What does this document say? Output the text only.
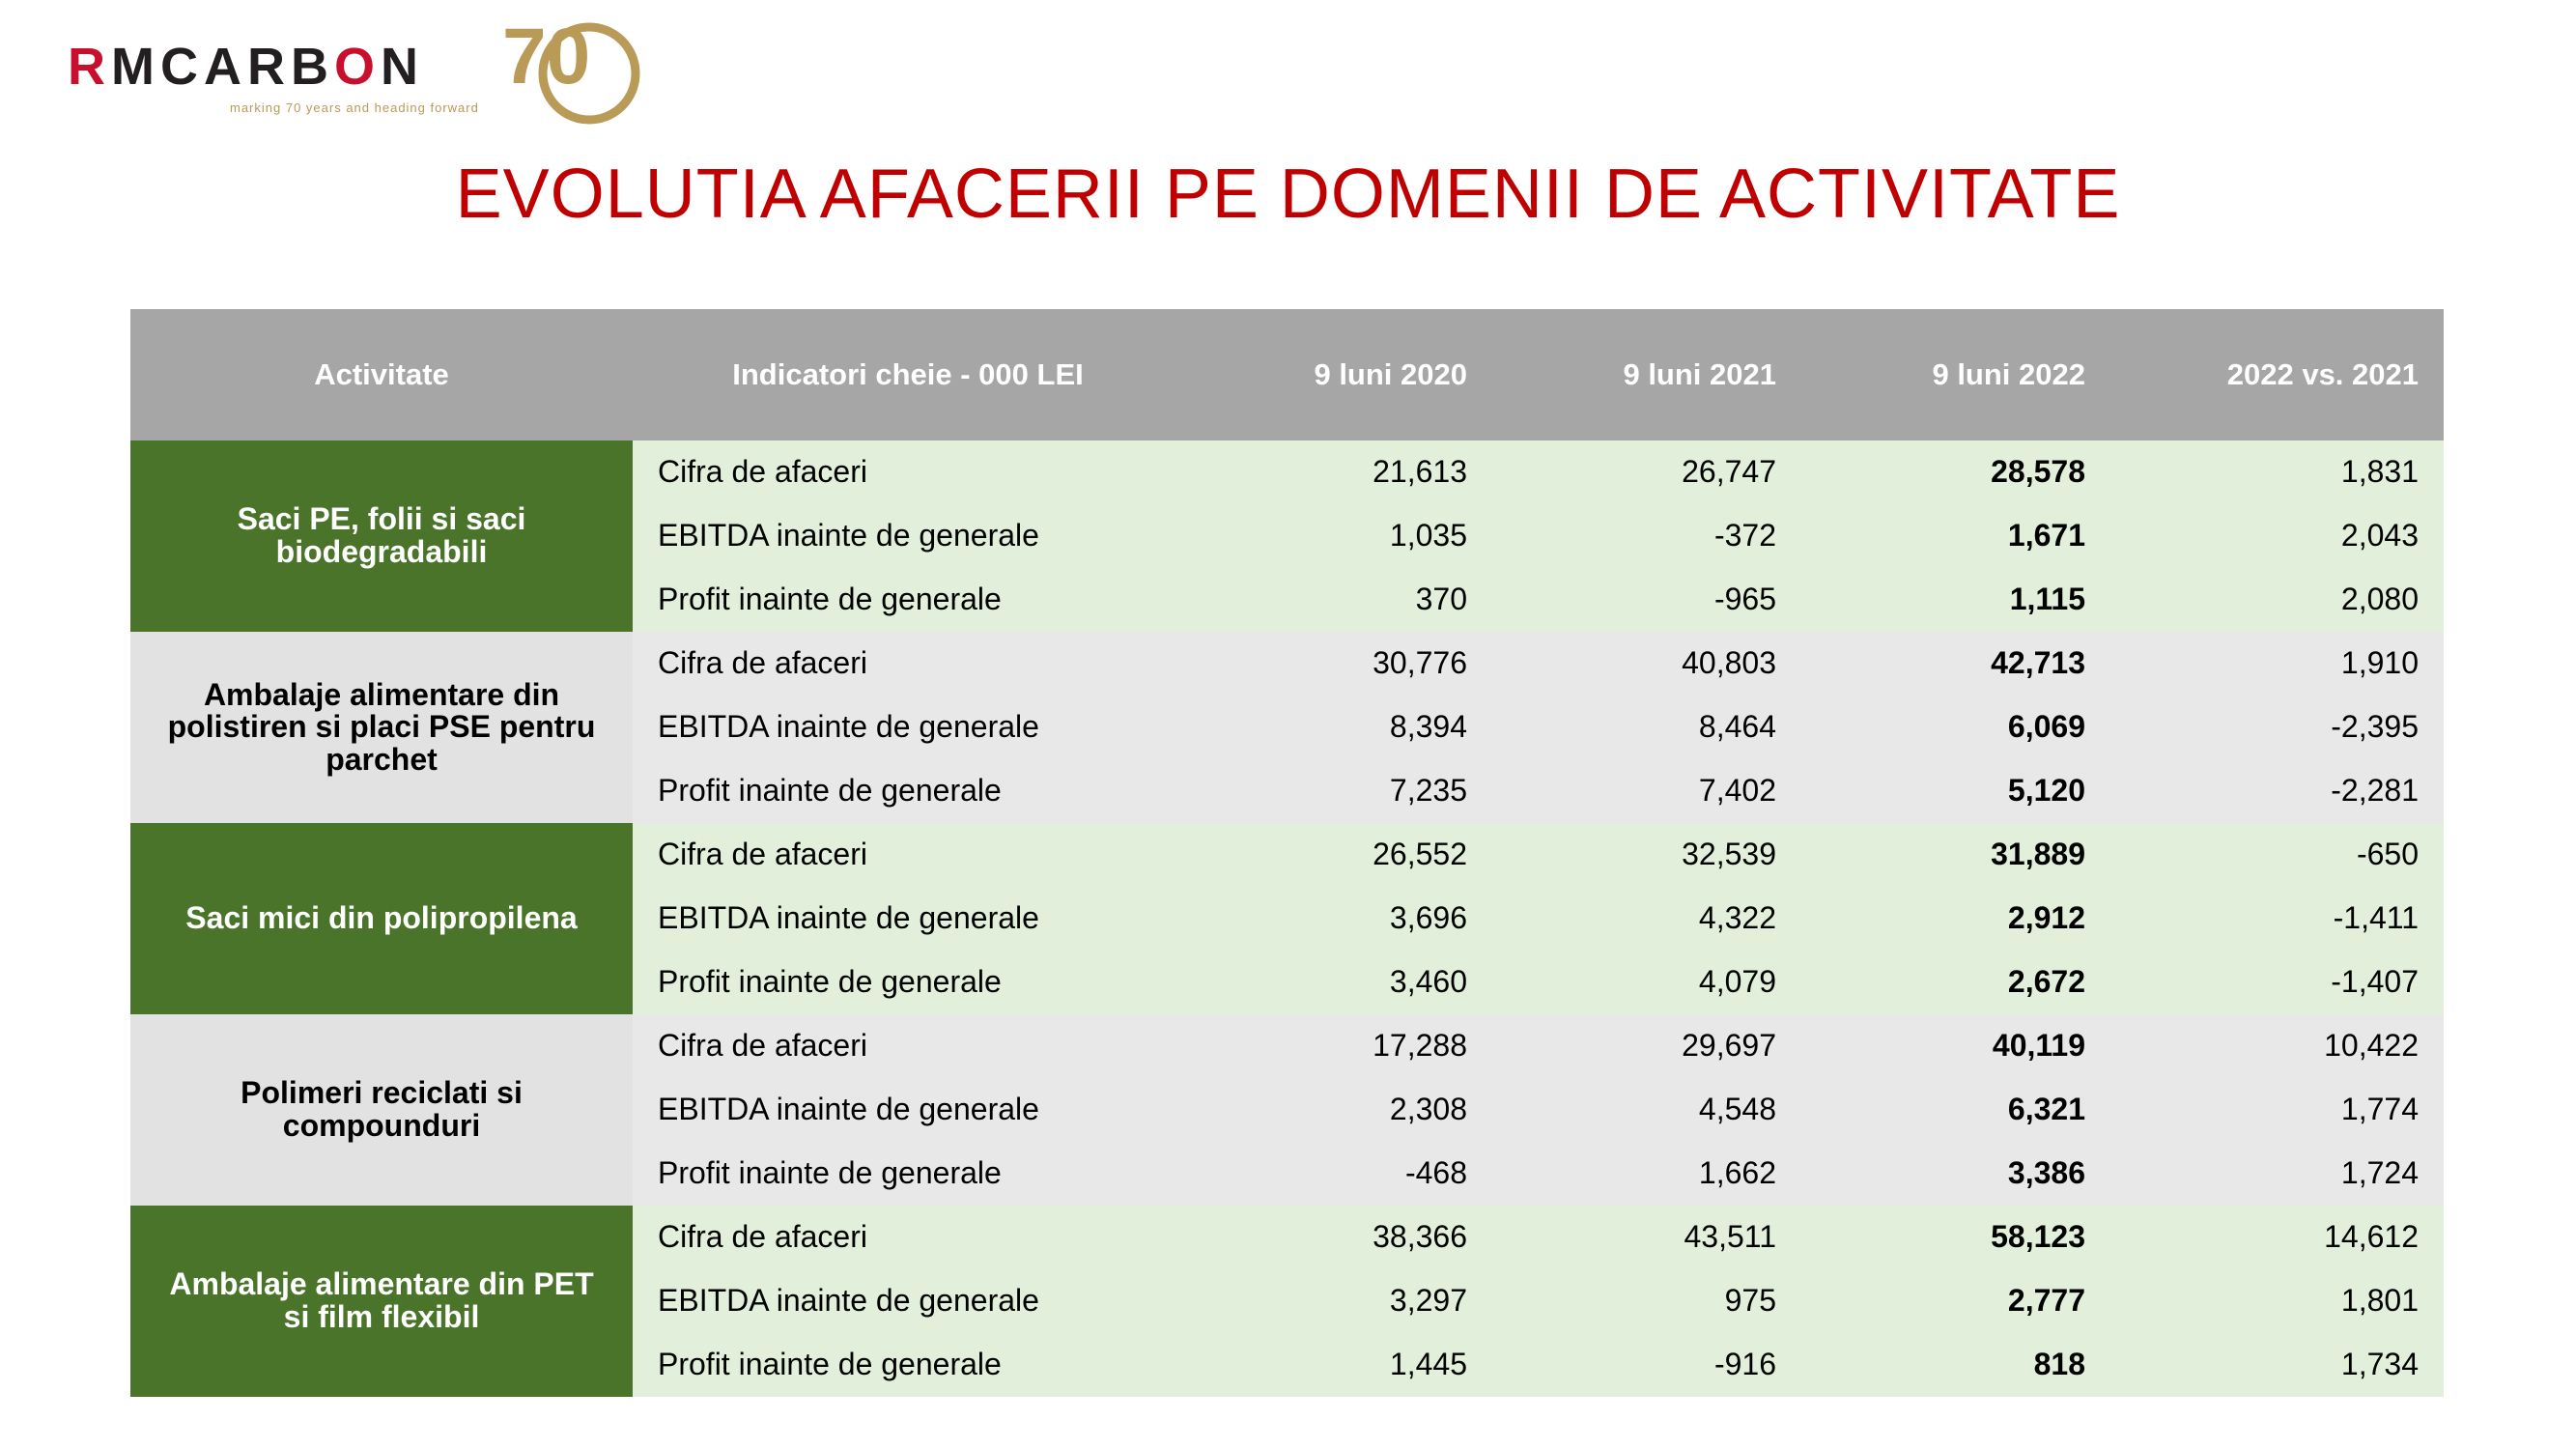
RMCARBON
marking 70 years and heading forward
70
EVOLUTIA AFACERII PE DOMENII DE ACTIVITATE
Activitate	Indicatori cheie - 000 LEI	9 luni 2020	9 luni 2021	9 luni 2022	2022 vs. 2021
Saci PE, folii si saci biodegradabili	Cifra de afaceri	21,613	26,747	28,578	1,831
	EBITDA inainte de generale	1,035	-372	1,671	2,043
	Profit inainte de generale	370	-965	1,115	2,080
Ambalaje alimentare din polistiren si placi PSE pentru parchet	Cifra de afaceri	30,776	40,803	42,713	1,910
	EBITDA inainte de generale	8,394	8,464	6,069	-2,395
	Profit inainte de generale	7,235	7,402	5,120	-2,281
Saci mici din polipropilena	Cifra de afaceri	26,552	32,539	31,889	-650
	EBITDA inainte de generale	3,696	4,322	2,912	-1,411
	Profit inainte de generale	3,460	4,079	2,672	-1,407
Polimeri reciclati si compounduri	Cifra de afaceri	17,288	29,697	40,119	10,422
	EBITDA inainte de generale	2,308	4,548	6,321	1,774
	Profit inainte de generale	-468	1,662	3,386	1,724
Ambalaje alimentare din PET si film flexibil	Cifra de afaceri	38,366	43,511	58,123	14,612
	EBITDA inainte de generale	3,297	975	2,777	1,801
	Profit inainte de generale	1,445	-916	818	1,734
